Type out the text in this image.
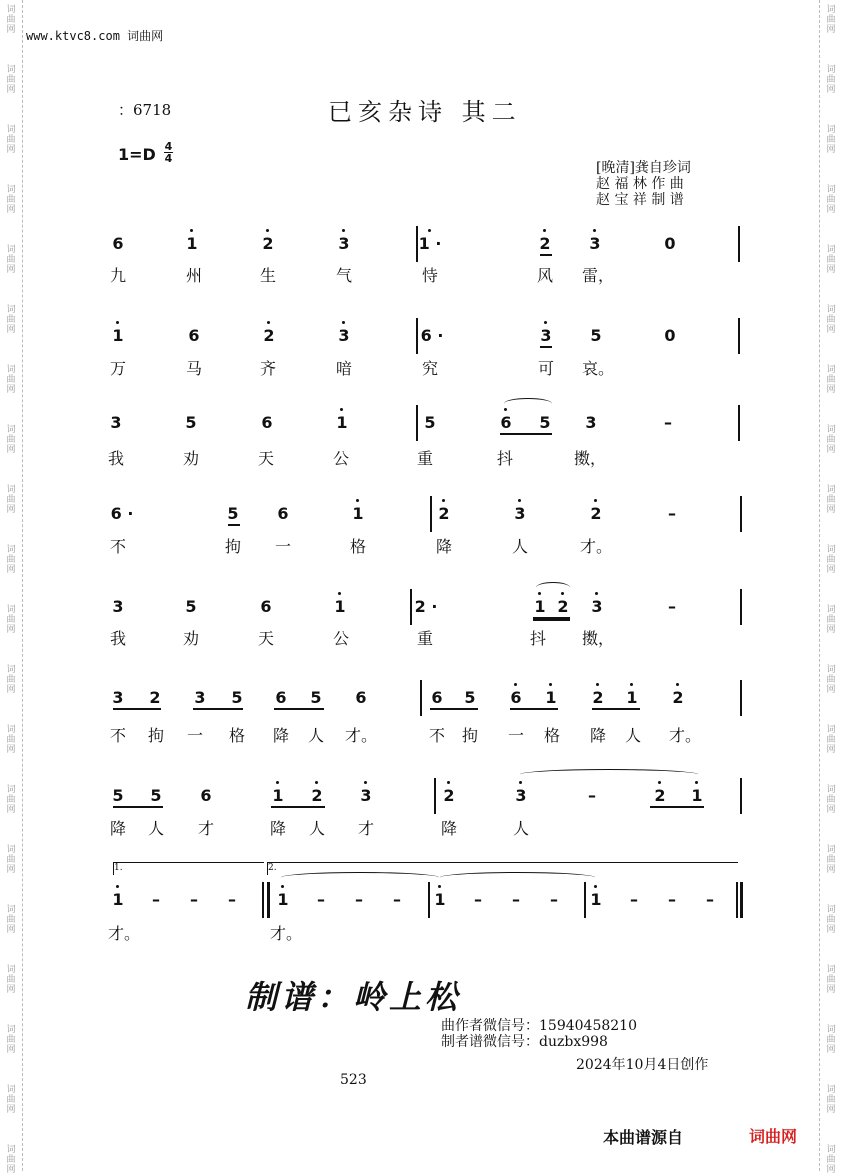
词
曲
网
词
曲
网
词
曲
网
词
曲
网
词
曲
网
词
曲
网
词
曲
网
词
曲
网
词
曲
网
词
曲
网
词
曲
网
词
曲
网
词
曲
网
词
曲
网
词
曲
网
词
曲
网
词
曲
网
词
曲
网
词
曲
网
词
曲
网
词
曲
网
词
曲
网
词
曲
网
词
曲
网
词
曲
网
词
曲
网
词
曲
网
词
曲
网
词
曲
网
词
曲
网
词
曲
网
词
曲
网
词
曲
网
词
曲
网
词
曲
网
词
曲
网
词
曲
网
词
曲
网
词
曲
网
词
曲
网
www.ktvc8.com 词曲网
：6718	已亥杂诗 其二
1=D 4
4
[晚清]龚自珍词
赵 福 林 作 曲
赵 宝 祥 制 谱
6	1	2	3	1 ·	2 3	0
九	州	生	气	恃	风 雷，
1	6	2	3	6 ·	3 5	0
万	马	齐	喑	究	可 哀。
3	5	6	1	5	6 5 3	–
我	劝	天	公	重	抖	擞，
6 ·	5 6	1	2	3	2	–
不	拘 一	格	降	人	才。
3	5	6	1	2 ·	1 2 3	–
我	劝	天	公	重	抖 擞，
3 2 3 5 6 5 6	6 5 6 1 2 1 2
不 拘 一 格 降 人 才。	不 拘 一 格 降 人 才。
5 5 6	1 2 3	2	3	–	2 1
降 人 才	降 人 才	降	人
1 – – –	1 – – – 1 – – – 1 – – –
才。	才。
1.	2.
制谱：岭上松
曲作者微信号：15940458210
制者谱微信号：duzbx998
2024年10月4日创作
523
本曲谱源自	词曲网
